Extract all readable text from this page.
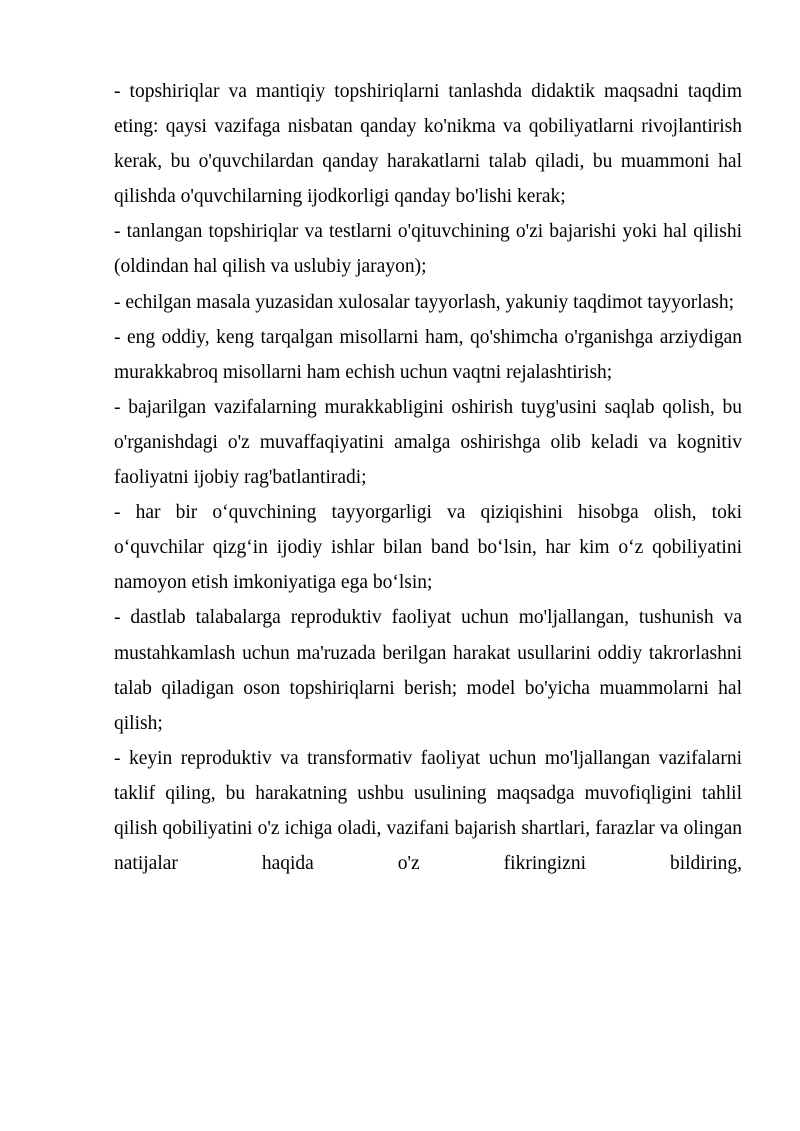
- topshiriqlar va mantiqiy topshiriqlarni tanlashda didaktik maqsadni taqdim eting: qaysi vazifaga nisbatan qanday ko'nikma va qobiliyatlarni rivojlantirish kerak, bu o'quvchilardan qanday harakatlarni talab qiladi, bu muammoni hal qilishda o'quvchilarning ijodkorligi qanday bo'lishi kerak;

- tanlangan topshiriqlar va testlarni o'qituvchining o'zi bajarishi yoki hal qilishi (oldindan hal qilish va uslubiy jarayon);

- echilgan masala yuzasidan xulosalar tayyorlash, yakuniy taqdimot tayyorlash;

- eng oddiy, keng tarqalgan misollarni ham, qo'shimcha o'rganishga arziydigan murakkabroq misollarni ham echish uchun vaqtni rejalashtirish;

- bajarilgan vazifalarning murakkabligini oshirish tuyg'usini saqlab qolish, bu o'rganishdagi o'z muvaffaqiyatini amalga oshirishga olib keladi va kognitiv faoliyatni ijobiy rag'batlantiradi;

- har bir o‘quvchining tayyorgarligi va qiziqishini hisobga olish, toki o‘quvchilar qizg‘in ijodiy ishlar bilan band bo‘lsin, har kim o‘z qobiliyatini namoyon etish imkoniyatiga ega bo‘lsin;

- dastlab talabalarga reproduktiv faoliyat uchun mo'ljallangan, tushunish va mustahkamlash uchun ma'ruzada berilgan harakat usullarini oddiy takrorlashni talab qiladigan oson topshiriqlarni berish; model bo'yicha muammolarni hal qilish;

- keyin reproduktiv va transformativ faoliyat uchun mo'ljallangan vazifalarni taklif qiling, bu harakatning ushbu usulining maqsadga muvofiqligini tahlil qilish qobiliyatini o'z ichiga oladi, vazifani bajarish shartlari, farazlar va olingan natijalar haqida o'z fikringizni bildiring,
